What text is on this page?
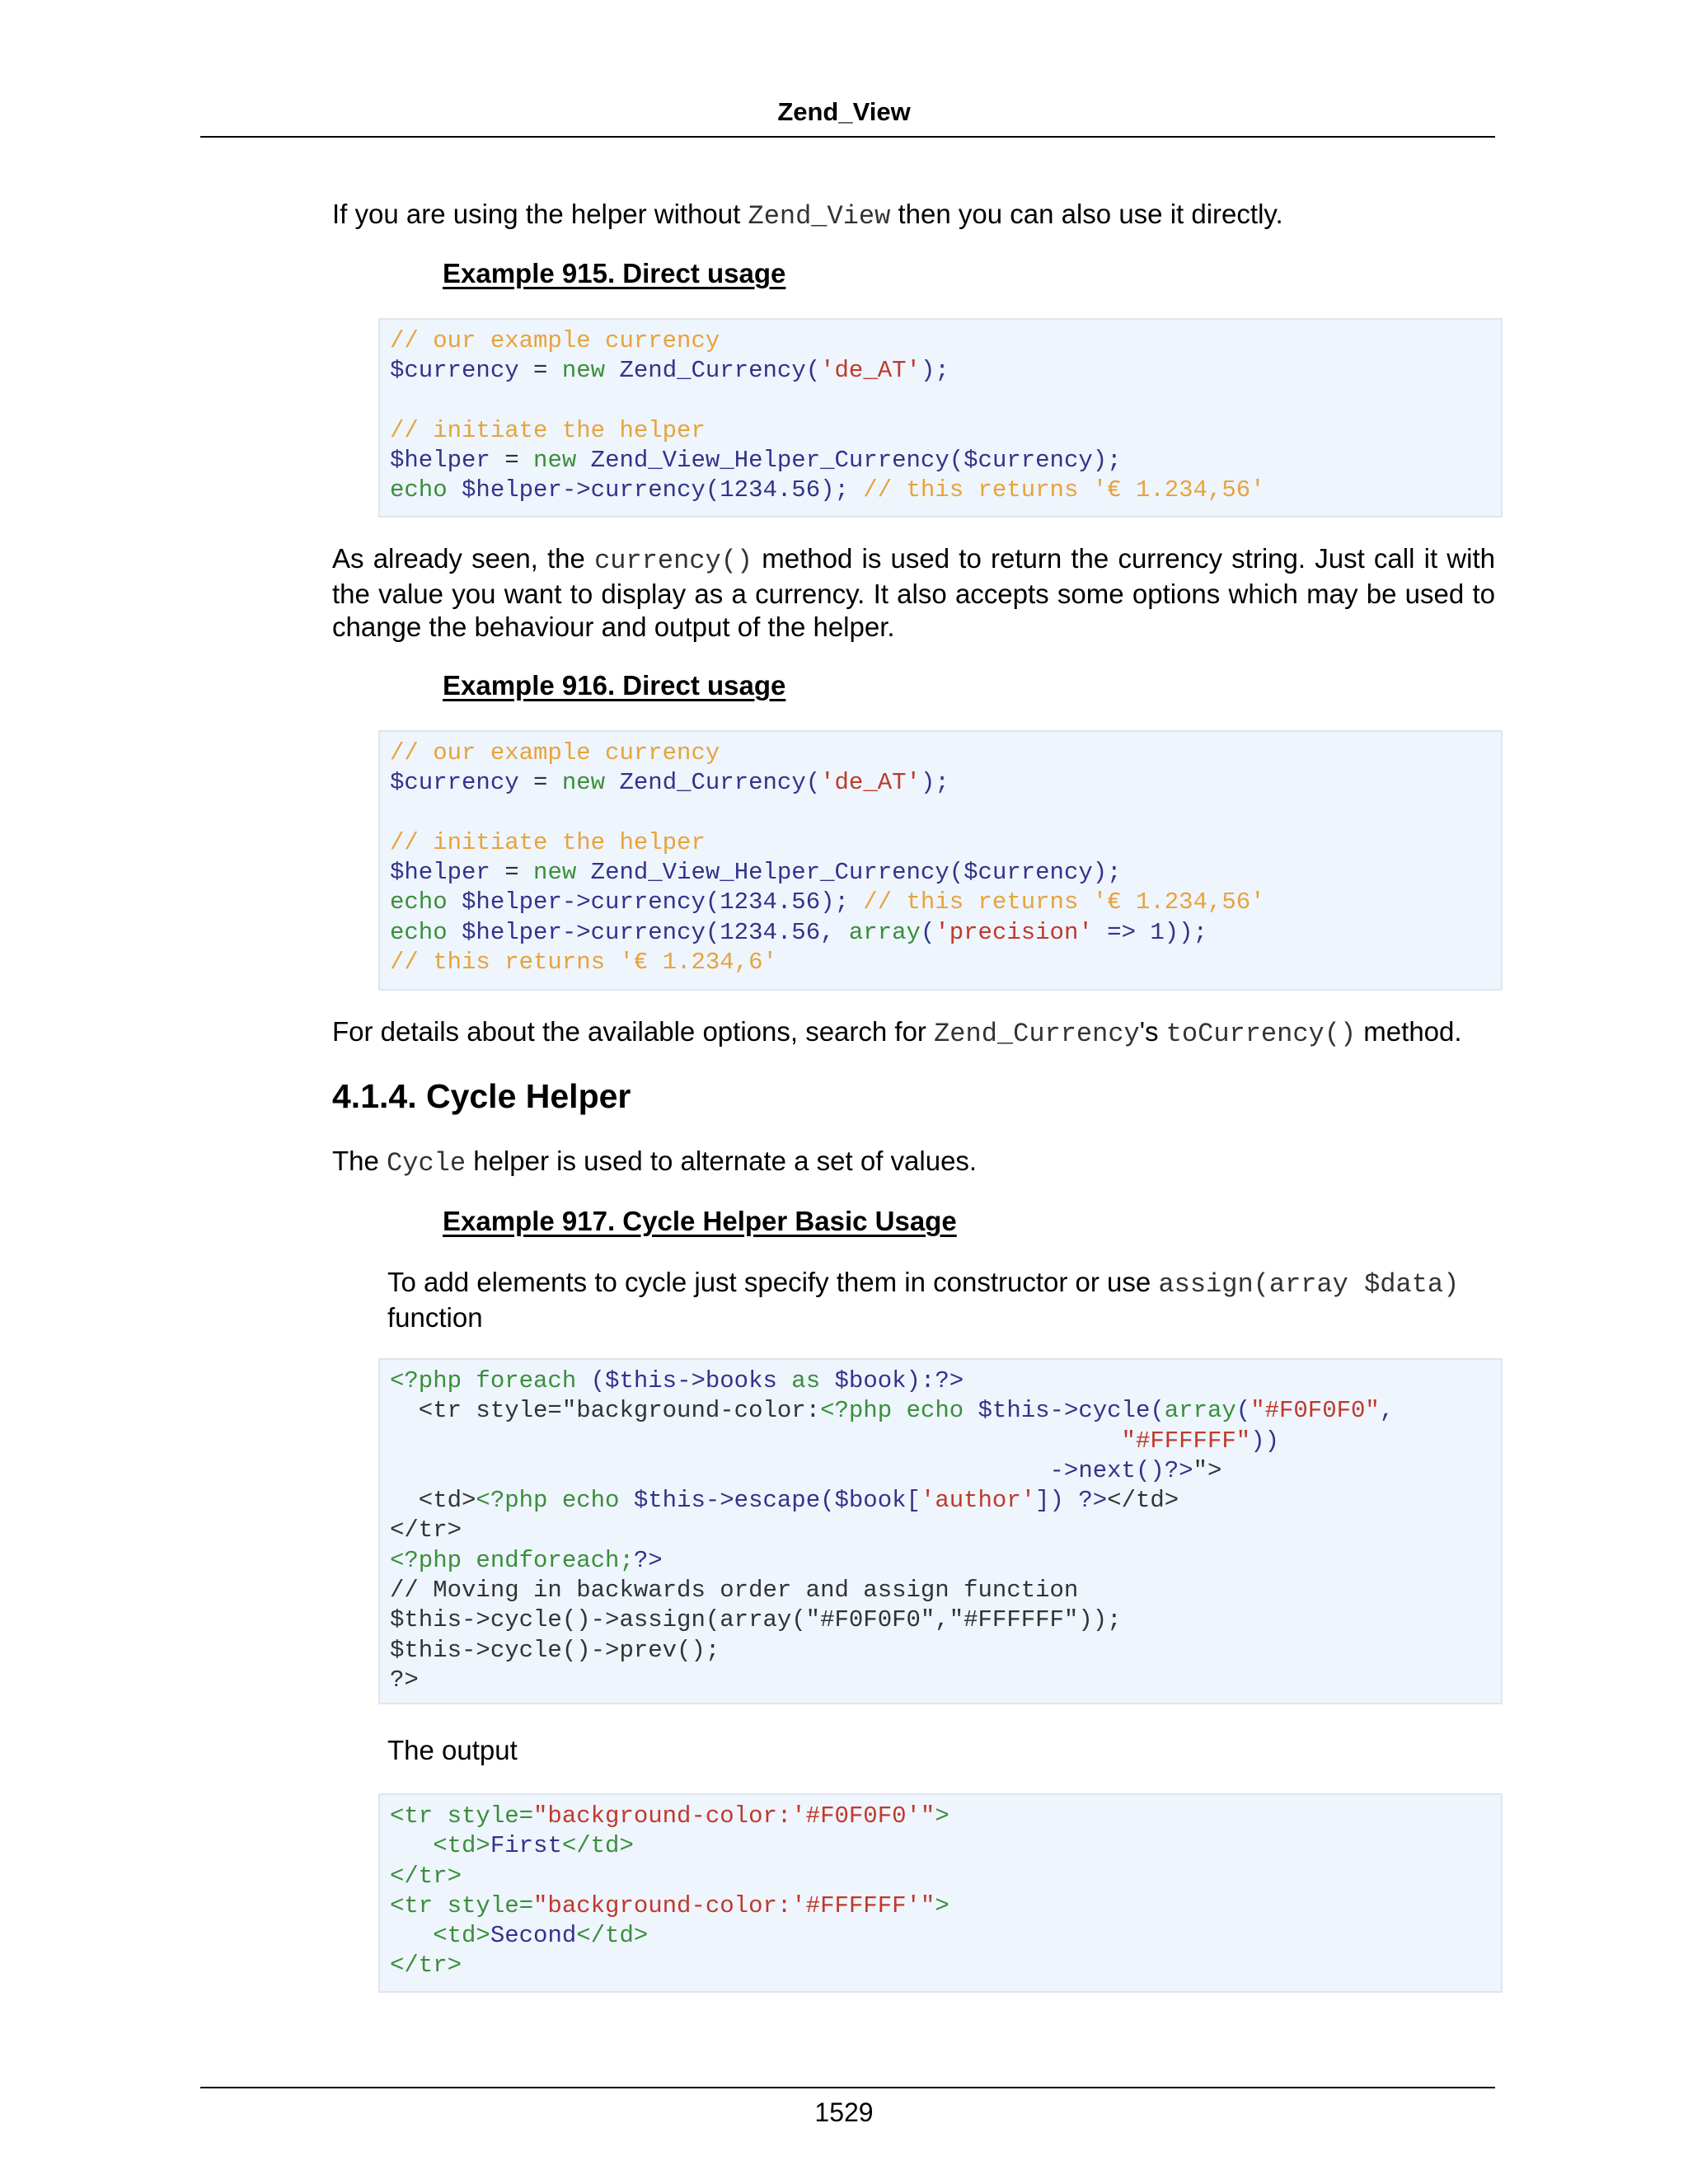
Zend_View
If you are using the helper without Zend_View then you can also use it directly.
Example 915. Direct usage
// our example currency
$currency = new Zend_Currency('de_AT');
// initiate the helper
$helper = new Zend_View_Helper_Currency($currency);
echo $helper->currency(1234.56); // this returns '€ 1.234,56'
As already seen, the currency() method is used to return the currency string. Just call it with the value you want to display as a currency. It also accepts some options which may be used to change the behaviour and output of the helper.
Example 916. Direct usage
// our example currency
$currency = new Zend_Currency('de_AT');
// initiate the helper
$helper = new Zend_View_Helper_Currency($currency);
echo $helper->currency(1234.56); // this returns '€ 1.234,56'
echo $helper->currency(1234.56, array('precision' => 1));
// this returns '€ 1.234,6'
For details about the available options, search for Zend_Currency's toCurrency() method.
4.1.4. Cycle Helper
The Cycle helper is used to alternate a set of values.
Example 917. Cycle Helper Basic Usage
To add elements to cycle just specify them in constructor or use assign(array $data) function
<?php foreach ($this->books as $book):?>
<tr style="background-color:<?php echo $this->cycle(array("#F0F0F0",
"#FFFFFF"))
->next()?>">
<td><?php echo $this->escape($book['author']) ?></td>
</tr>
<?php endforeach;?>
// Moving in backwards order and assign function
$this->cycle()->assign(array("#F0F0F0","#FFFFFF"));
$this->cycle()->prev();
?>
The output
<tr style="background-color:'#F0F0F0'">
<td>First</td>
</tr>
<tr style="background-color:'#FFFFFF'">
<td>Second</td>
</tr>
1529
